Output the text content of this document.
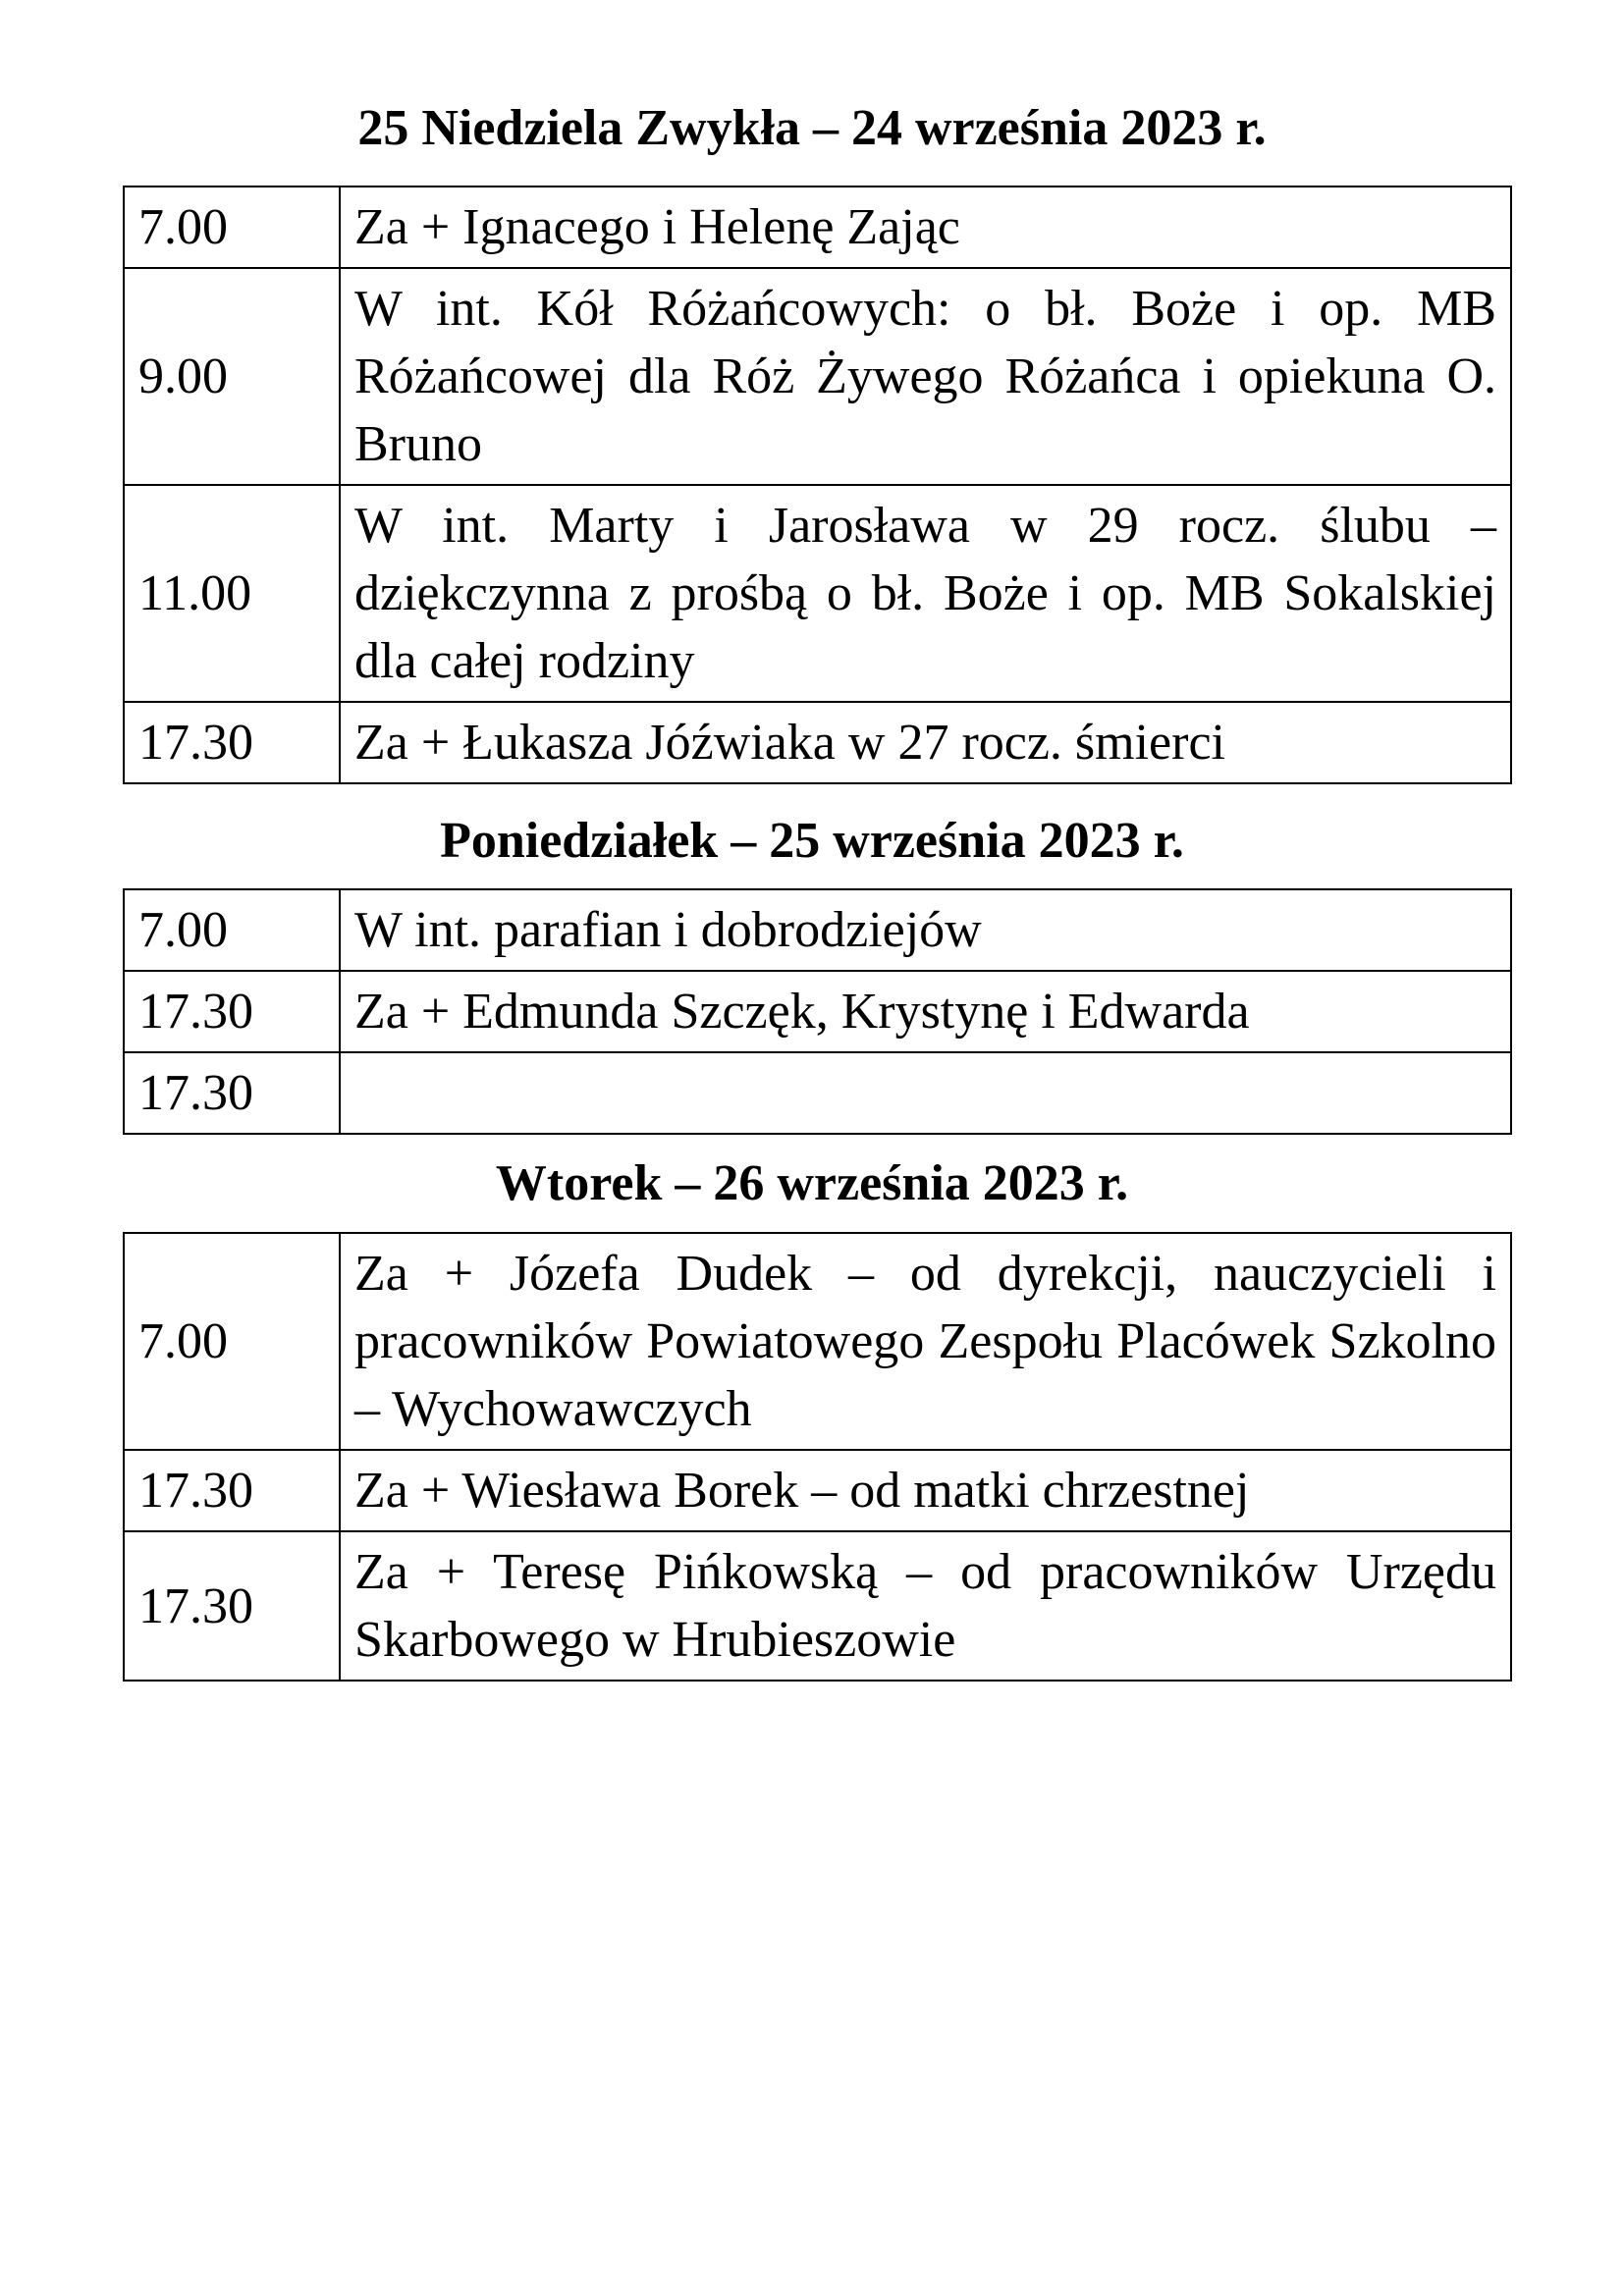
25 Niedziela Zwykła – 24 września 2023 r.
7.00	Za + Ignacego i Helenę Zając
9.00	W int. Kół Różańcowych: o bł. Boże i op. MB Różańcowej dla Róż Żywego Różańca i opiekuna O. Bruno
11.00	W int. Marty i Jarosława w 29 rocz. ślubu – dziękczynna z prośbą o bł. Boże i op. MB Sokalskiej dla całej rodziny
17.30	Za + Łukasza Jóźwiaka w 27 rocz. śmierci
Poniedziałek – 25 września 2023 r.
7.00	W int. parafian i dobrodziejów
17.30	Za + Edmunda Szczęk, Krystynę i Edwarda
17.30	
Wtorek – 26 września 2023 r.
7.00	Za + Józefa Dudek – od dyrekcji, nauczycieli i pracowników Powiatowego Zespołu Placówek Szkolno – Wychowawczych
17.30	Za + Wiesława Borek – od matki chrzestnej
17.30	Za + Teresę Pińkowską – od pracowników Urzędu Skarbowego w Hrubieszowie
